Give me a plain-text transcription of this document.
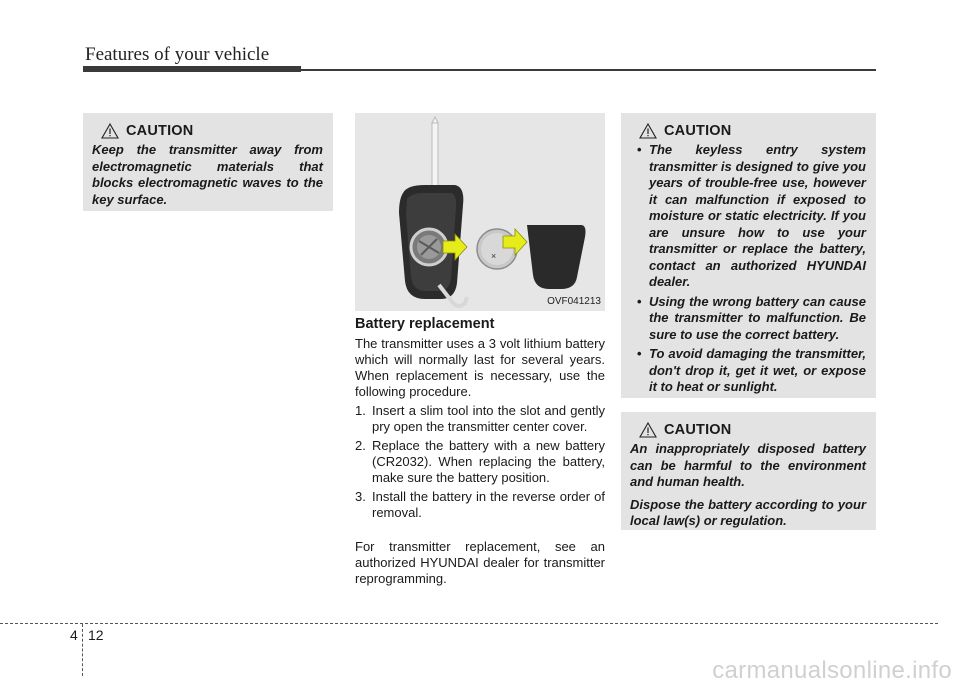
Features of your vehicle
CAUTION

Keep the transmitter away from electromagnetic materials that blocks electromagnetic waves to the key surface.

×
OVF041213
Battery replacement

The transmitter uses a 3 volt lithium battery which will normally last for several years. When replacement is necessary, use the following procedure.

1. Insert a slim tool into the slot and gently pry open the transmitter center cover.
2. Replace the battery with a new battery (CR2032). When replacing the battery, make sure the battery position.
3. Install the battery in the reverse order of removal.

For transmitter replacement, see an authorized HYUNDAI dealer for transmitter reprogramming.

CAUTION
• The keyless entry system transmitter is designed to give you years of trouble-free use, however it can malfunction if exposed to moisture or static electricity. If you are unsure how to use your transmitter or replace the battery, contact an authorized HYUNDAI dealer.
• Using the wrong battery can cause the transmitter to malfunction. Be sure to use the correct battery.
• To avoid damaging the transmitter, don't drop it, get it wet, or expose it to heat or sunlight.
CAUTION

An inappropriately disposed battery can be harmful to the environment and human health.

Dispose the battery according to your local law(s) or regulation.

4 12
carmanualsonline.info
